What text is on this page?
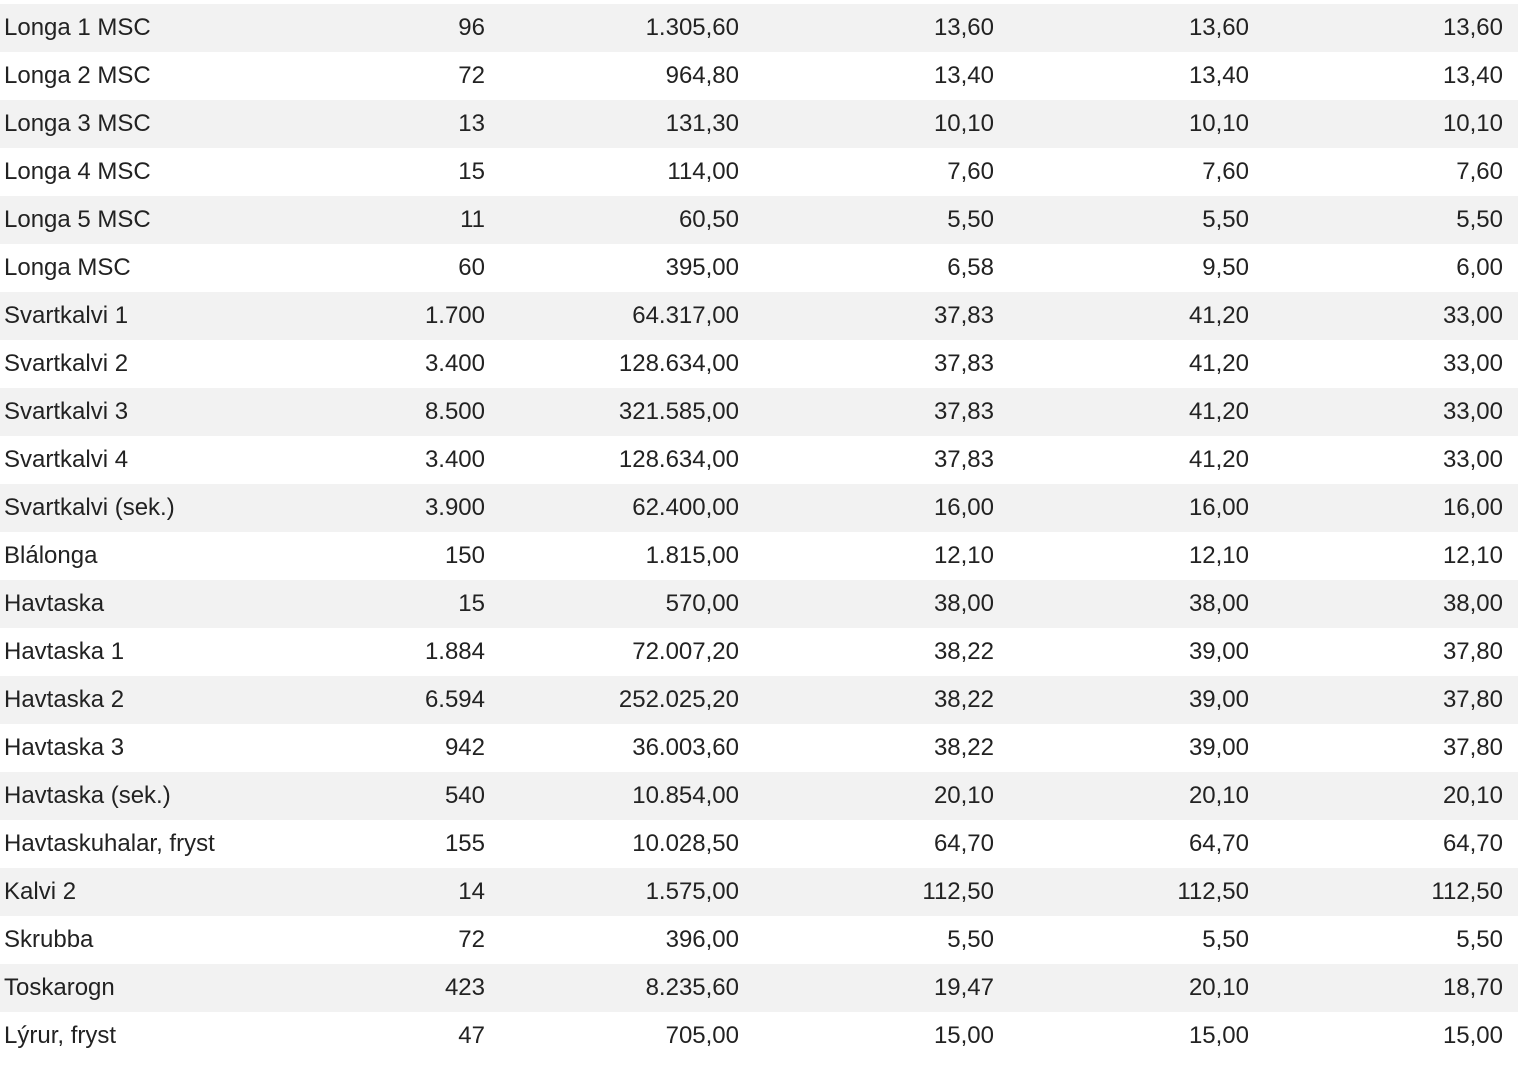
Longa 1 MSC	96	1.305,60	13,60	13,60	13,60
Longa 2 MSC	72	964,80	13,40	13,40	13,40
Longa 3 MSC	13	131,30	10,10	10,10	10,10
Longa 4 MSC	15	114,00	7,60	7,60	7,60
Longa 5 MSC	11	60,50	5,50	5,50	5,50
Longa MSC	60	395,00	6,58	9,50	6,00
Svartkalvi 1	1.700	64.317,00	37,83	41,20	33,00
Svartkalvi 2	3.400	128.634,00	37,83	41,20	33,00
Svartkalvi 3	8.500	321.585,00	37,83	41,20	33,00
Svartkalvi 4	3.400	128.634,00	37,83	41,20	33,00
Svartkalvi (sek.)	3.900	62.400,00	16,00	16,00	16,00
Blálonga	150	1.815,00	12,10	12,10	12,10
Havtaska	15	570,00	38,00	38,00	38,00
Havtaska 1	1.884	72.007,20	38,22	39,00	37,80
Havtaska 2	6.594	252.025,20	38,22	39,00	37,80
Havtaska 3	942	36.003,60	38,22	39,00	37,80
Havtaska (sek.)	540	10.854,00	20,10	20,10	20,10
Havtaskuhalar, fryst	155	10.028,50	64,70	64,70	64,70
Kalvi 2	14	1.575,00	112,50	112,50	112,50
Skrubba	72	396,00	5,50	5,50	5,50
Toskarogn	423	8.235,60	19,47	20,10	18,70
Lýrur, fryst	47	705,00	15,00	15,00	15,00
